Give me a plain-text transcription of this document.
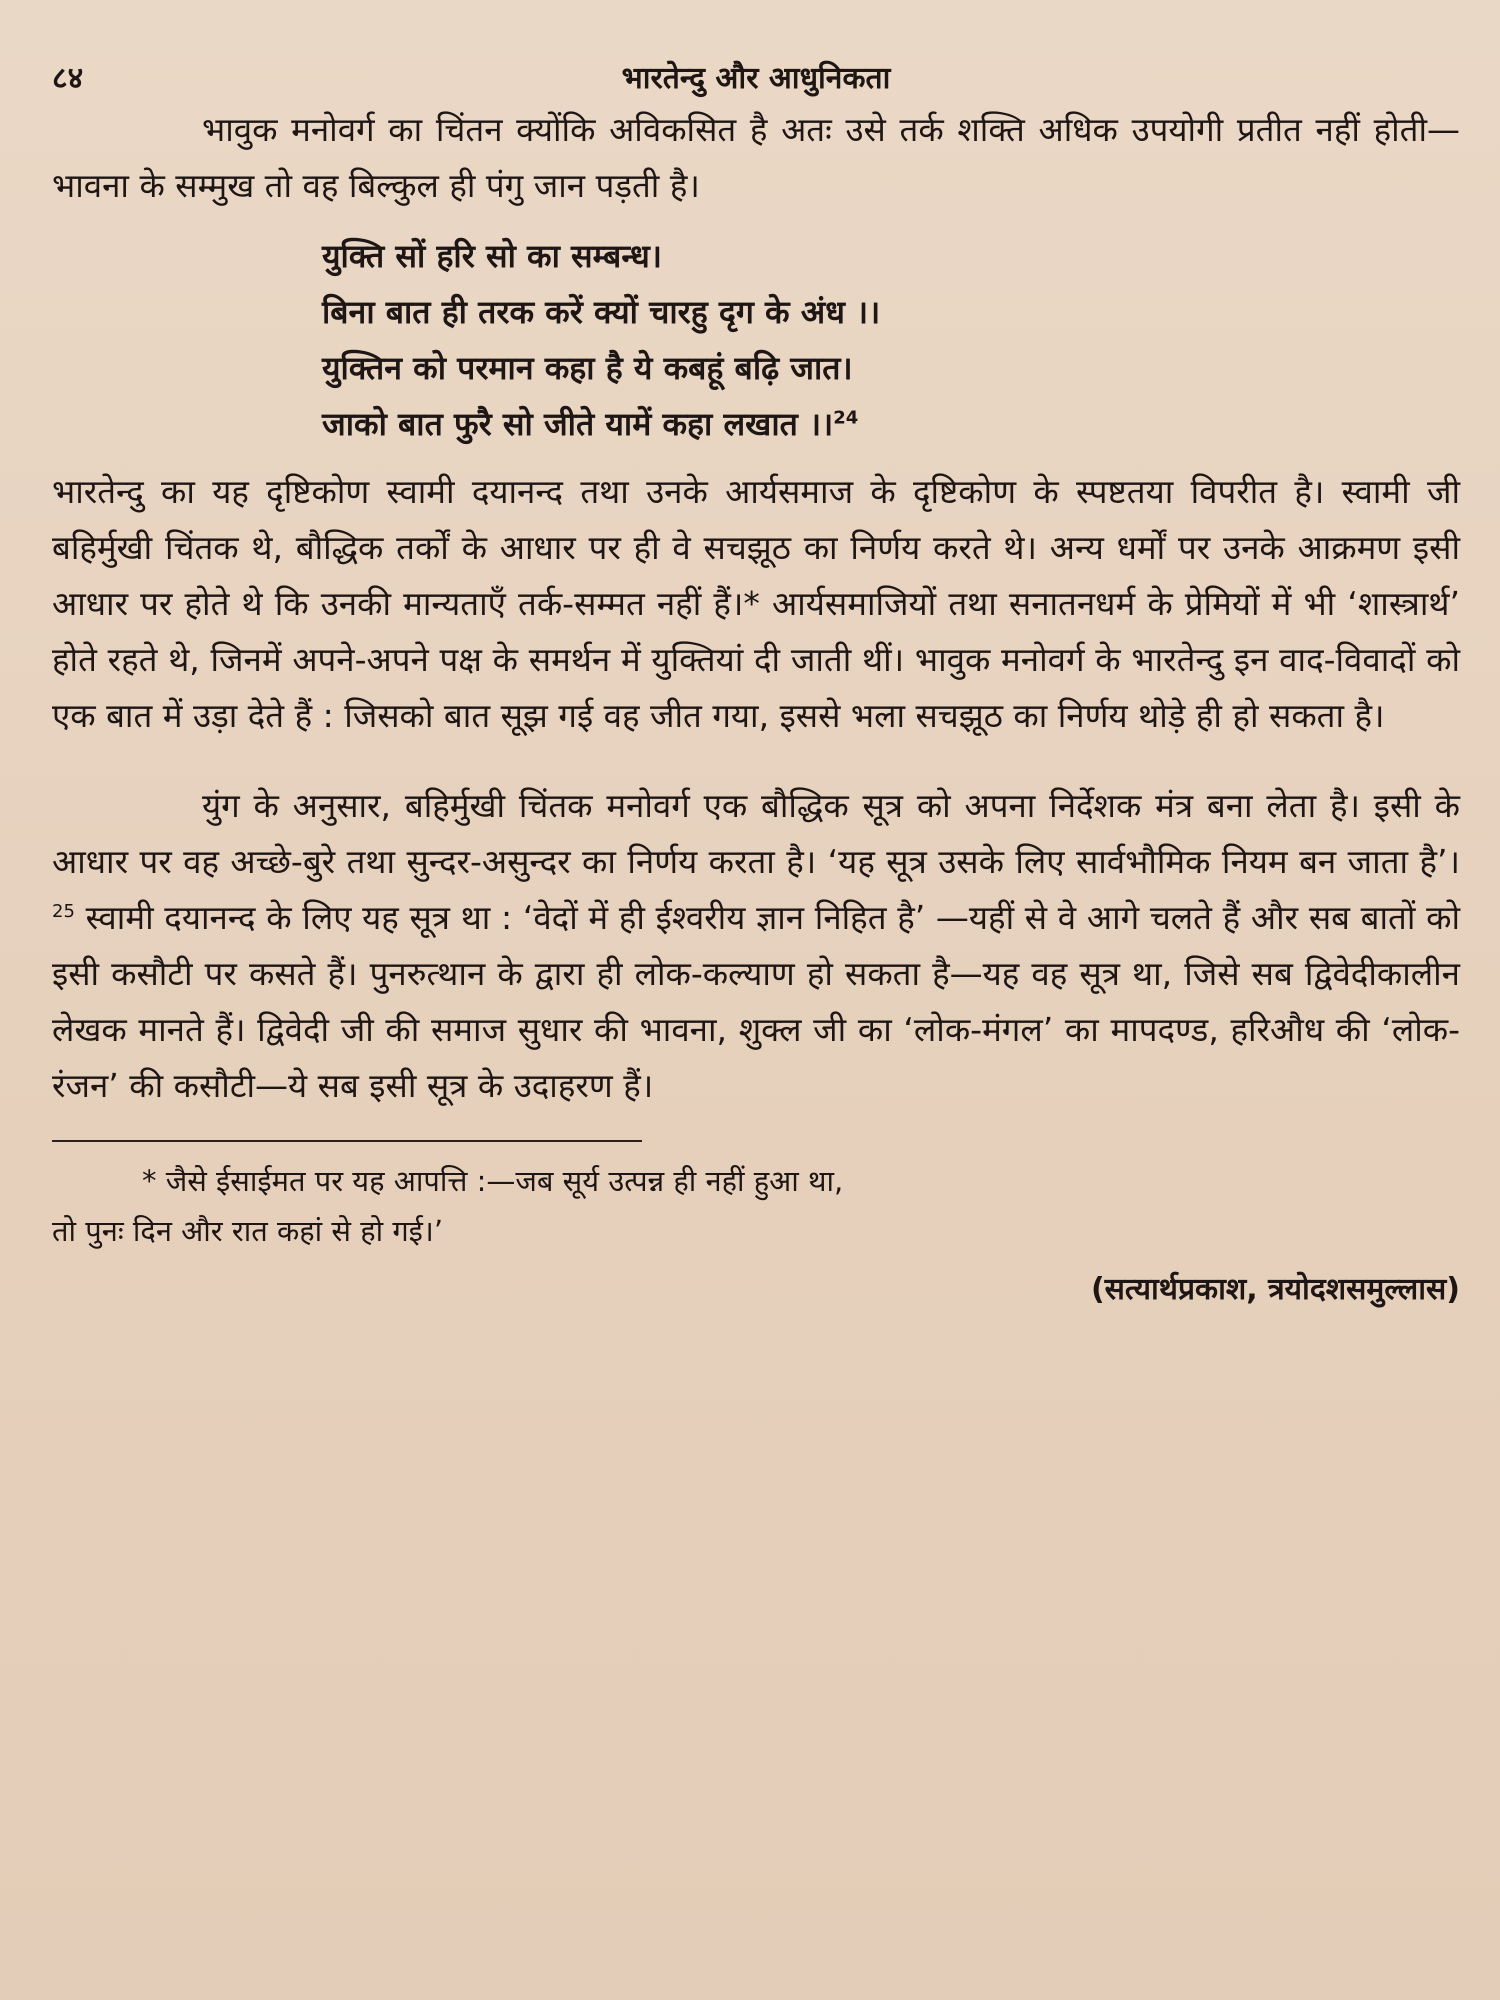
८४	भारतेन्दु और आधुनिकता

भावुक मनोवर्ग का चिंतन क्योंकि अविकसित है अतः उसे तर्क शक्ति अधिक उपयोगी प्रतीत नहीं होती—भावना के सम्मुख तो वह बिल्कुल ही पंगु जान पड़ती है।

युक्ति सों हरि सो का सम्बन्ध।
बिना बात ही तरक करें क्यों चारहु दृग के अंध ।।
युक्तिन को परमान कहा है ये कबहूं बढ़ि जात।
जाको बात फुरै सो जीते यामें कहा लखात ।।$^{24}$

भारतेन्दु का यह दृष्टिकोण स्वामी दयानन्द तथा उनके आर्यसमाज के दृष्टिकोण के स्पष्टतया विपरीत है। स्वामी जी बहिर्मुखी चिंतक थे, बौद्धिक तर्कों के आधार पर ही वे सचझूठ का निर्णय करते थे। अन्य धर्मों पर उनके आक्रमण इसी आधार पर होते थे कि उनकी मान्यताएँ तर्क-सम्मत नहीं हैं।* आर्यसमाजियों तथा सनातनधर्म के प्रेमियों में भी ‘शास्त्रार्थ’ होते रहते थे, जिनमें अपने-अपने पक्ष के समर्थन में युक्तियां दी जाती थीं। भावुक मनोवर्ग के भारतेन्दु इन वाद-विवादों को एक बात में उड़ा देते हैं : जिसको बात सूझ गई वह जीत गया, इससे भला सचझूठ का निर्णय थोड़े ही हो सकता है।

युंग के अनुसार, बहिर्मुखी चिंतक मनोवर्ग एक बौद्धिक सूत्र को अपना निर्देशक मंत्र बना लेता है। इसी के आधार पर वह अच्छे-बुरे तथा सुन्दर-असुन्दर का निर्णय करता है। ‘यह सूत्र उसके लिए सार्वभौमिक नियम बन जाता है’।$^{25}$ स्वामी दयानन्द के लिए यह सूत्र था : ‘वेदों में ही ईश्वरीय ज्ञान निहित है’ —यहीं से वे आगे चलते हैं और सब बातों को इसी कसौटी पर कसते हैं। पुनरुत्थान के द्वारा ही लोक-कल्याण हो सकता है—यह वह सूत्र था, जिसे सब द्विवेदीकालीन लेखक मानते हैं। द्विवेदी जी की समाज सुधार की भावना, शुक्ल जी का ‘लोक-मंगल’ का मापदण्ड, हरिऔध की ‘लोक-रंजन’ की कसौटी—ये सब इसी सूत्र के उदाहरण हैं।

* जैसे ईसाईमत पर यह आपत्ति :—जब सूर्य उत्पन्न ही नहीं हुआ था,

तो पुनः दिन और रात कहां से हो गई।’

(सत्यार्थप्रकाश, त्रयोदशसमुल्लास)
